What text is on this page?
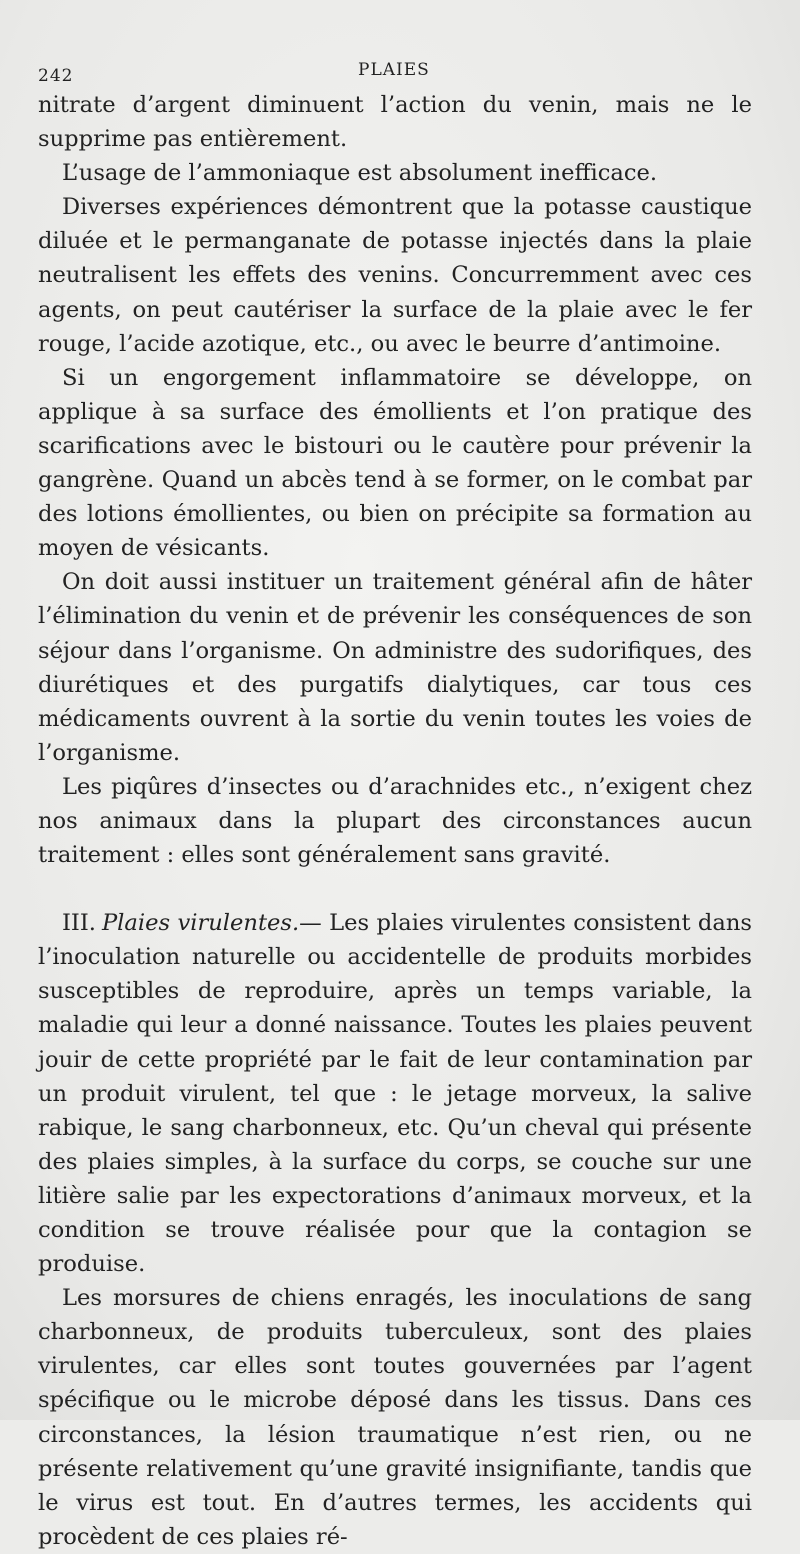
242	PLAIES

nitrate d’argent diminuent l’action du venin, mais ne le supprime pas entièrement.

L’usage de l’ammoniaque est absolument inefficace.

Diverses expériences démontrent que la potasse caustique diluée et le permanganate de potasse injectés dans la plaie neutralisent les effets des venins. Concurremment avec ces agents, on peut cautériser la surface de la plaie avec le fer rouge, l’acide azotique, etc., ou avec le beurre d’antimoine.

Si un engorgement inflammatoire se développe, on applique à sa surface des émollients et l’on pratique des scarifications avec le bistouri ou le cautère pour prévenir la gangrène. Quand un abcès tend à se former, on le combat par des lotions émollientes, ou bien on précipite sa formation au moyen de vésicants.

On doit aussi instituer un traitement général afin de hâter l’élimination du venin et de prévenir les conséquences de son séjour dans l’organisme. On administre des sudorifiques, des diurétiques et des purgatifs dialytiques, car tous ces médicaments ouvrent à la sortie du venin toutes les voies de l’organisme.

Les piqûres d’insectes ou d’arachnides etc., n’exigent chez nos animaux dans la plupart des circonstances aucun traitement : elles sont généralement sans gravité.

III. Plaies virulentes.— Les plaies virulentes consistent dans l’inoculation naturelle ou accidentelle de produits morbides susceptibles de reproduire, après un temps variable, la maladie qui leur a donné naissance. Toutes les plaies peuvent jouir de cette propriété par le fait de leur contamination par un produit virulent, tel que : le jetage morveux, la salive rabique, le sang charbonneux, etc. Qu’un cheval qui présente des plaies simples, à la surface du corps, se couche sur une litière salie par les expectorations d’animaux morveux, et la condition se trouve réalisée pour que la contagion se produise.

Les morsures de chiens enragés, les inoculations de sang charbonneux, de produits tuberculeux, sont des plaies virulentes, car elles sont toutes gouvernées par l’agent spécifique ou le microbe déposé dans les tissus. Dans ces circonstances, la lésion traumatique n’est rien, ou ne présente relativement qu’une gravité insignifiante, tandis que le virus est tout. En d’autres termes, les accidents qui procèdent de ces plaies ré-
